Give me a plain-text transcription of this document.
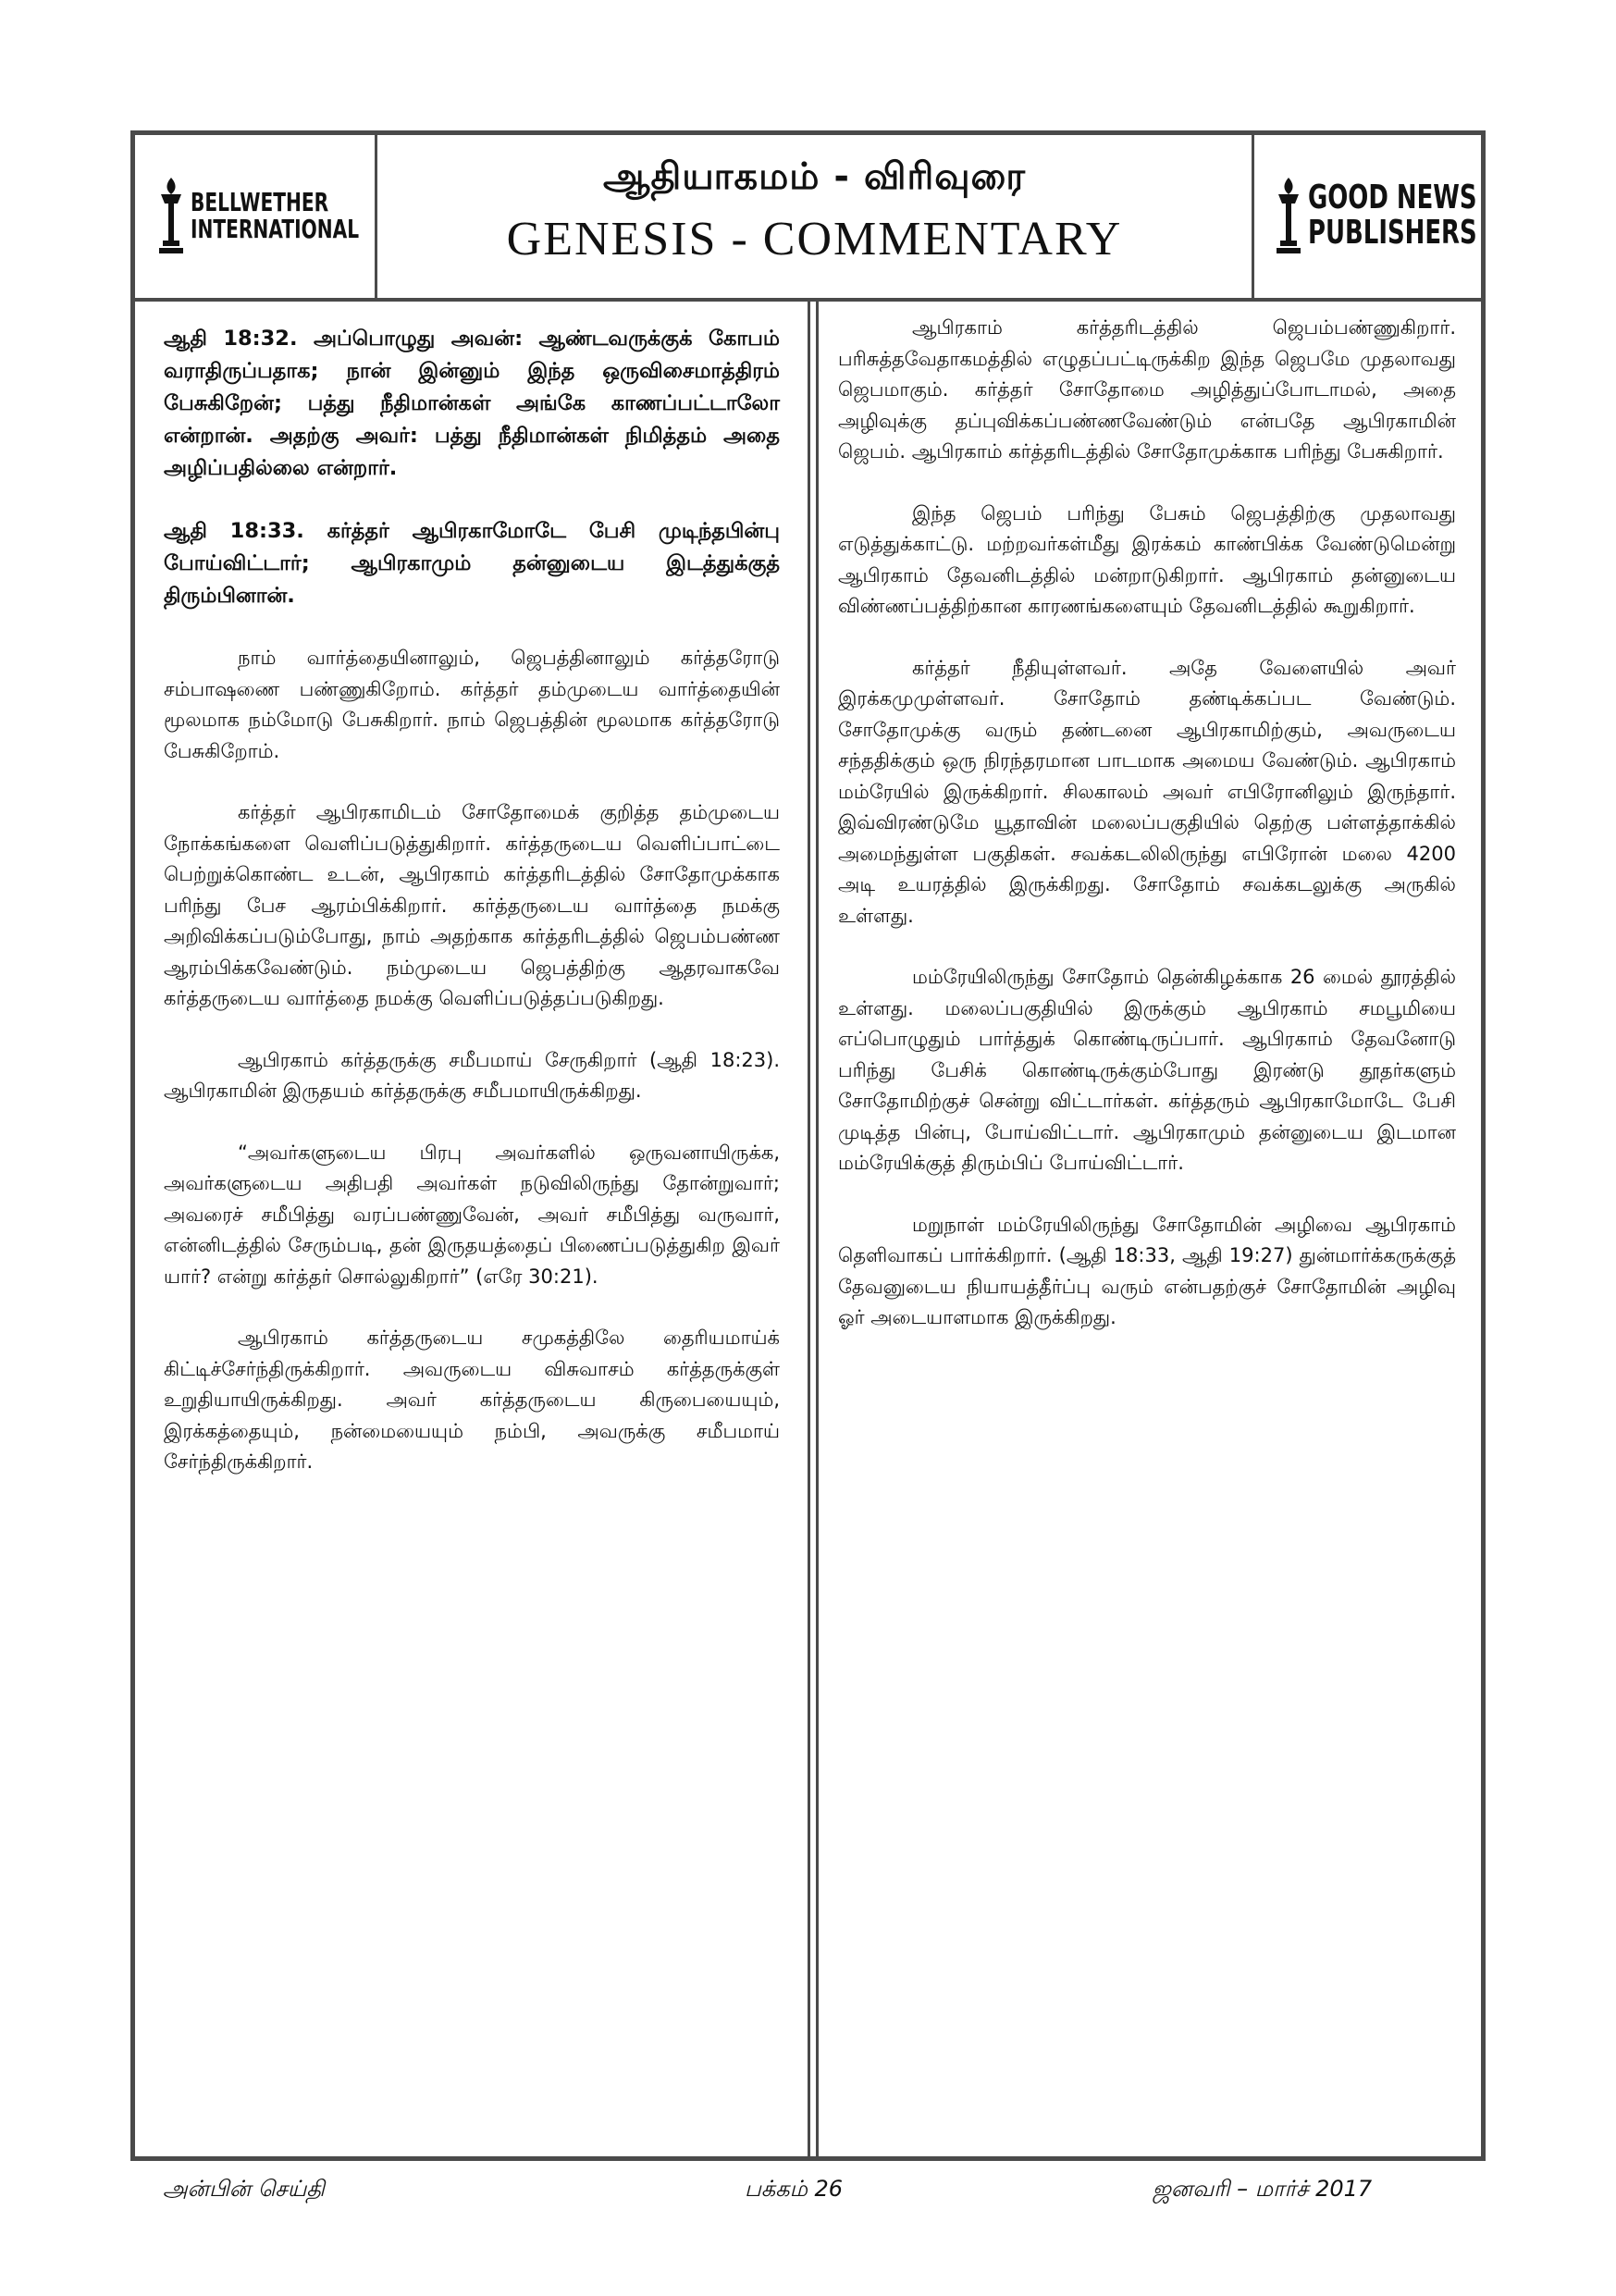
BELLWETHER
INTERNATIONAL
ஆதியாகமம் - விரிவுரை
GENESIS - COMMENTARY
GOOD NEWS
PUBLISHERS

ஆதி 18:32. அப்பொழுது அவன்: ஆண்டவருக்குக் கோபம் வராதிருப்பதாக; நான் இன்னும் இந்த ஒருவிசைமாத்திரம் பேசுகிறேன்; பத்து நீதிமான்கள் அங்கே காணப்பட்டாலோ என்றான். அதற்கு அவர்: பத்து நீதிமான்கள் நிமித்தம் அதை அழிப்பதில்லை என்றார்.

ஆதி 18:33. கர்த்தர் ஆபிரகாமோடே பேசி முடிந்தபின்பு போய்விட்டார்; ஆபிரகாமும் தன்னுடைய இடத்துக்குத் திரும்பினான்.

நாம் வார்த்தையினாலும், ஜெபத்தினாலும் கர்த்தரோடு சம்பாஷணை பண்ணுகிறோம். கர்த்தர் தம்முடைய வார்த்தையின் மூலமாக நம்மோடு பேசுகிறார். நாம் ஜெபத்தின் மூலமாக கர்த்தரோடு பேசுகிறோம்.

கர்த்தர் ஆபிரகாமிடம் சோதோமைக் குறித்த தம்முடைய நோக்கங்களை வெளிப்படுத்துகிறார். கர்த்தருடைய வெளிப்பாட்டை பெற்றுக்கொண்ட உடன், ஆபிரகாம் கர்த்தரிடத்தில் சோதோமுக்காக பரிந்து பேச ஆரம்பிக்கிறார். கர்த்தருடைய வார்த்தை நமக்கு அறிவிக்கப்படும்போது, நாம் அதற்காக கர்த்தரிடத்தில் ஜெபம்பண்ண ஆரம்பிக்கவேண்டும். நம்முடைய ஜெபத்திற்கு ஆதரவாகவே கர்த்தருடைய வார்த்தை நமக்கு வெளிப்படுத்தப்படுகிறது.

ஆபிரகாம் கர்த்தருக்கு சமீபமாய் சேருகிறார் (ஆதி 18:23). ஆபிரகாமின் இருதயம் கர்த்தருக்கு சமீபமாயிருக்கிறது.

“அவர்களுடைய பிரபு அவர்களில் ஒருவனாயிருக்க, அவர்களுடைய அதிபதி அவர்கள் நடுவிலிருந்து தோன்றுவார்; அவரைச் சமீபித்து வரப்பண்ணுவேன், அவர் சமீபித்து வருவார், என்னிடத்தில் சேரும்படி, தன் இருதயத்தைப் பிணைப்படுத்துகிற இவர் யார்? என்று கர்த்தர் சொல்லுகிறார்” (எரே 30:21).

ஆபிரகாம் கர்த்தருடைய சமுகத்திலே தைரியமாய்க் கிட்டிச்சேர்ந்திருக்கிறார். அவருடைய விசுவாசம் கர்த்தருக்குள் உறுதியாயிருக்கிறது. அவர் கர்த்தருடைய கிருபையையும், இரக்கத்தையும், நன்மையையும் நம்பி, அவருக்கு சமீபமாய் சேர்ந்திருக்கிறார்.

ஆபிரகாம் கர்த்தரிடத்தில் ஜெபம்பண்ணுகிறார். பரிசுத்தவேதாகமத்தில் எழுதப்பட்டிருக்கிற இந்த ஜெபமே முதலாவது ஜெபமாகும். கர்த்தர் சோதோமை அழித்துப்போடாமல், அதை அழிவுக்கு தப்புவிக்கப்பண்ணவேண்டும் என்பதே ஆபிரகாமின் ஜெபம். ஆபிரகாம் கர்த்தரிடத்தில் சோதோமுக்காக பரிந்து பேசுகிறார்.

இந்த ஜெபம் பரிந்து பேசும் ஜெபத்திற்கு முதலாவது எடுத்துக்காட்டு. மற்றவர்கள்மீது இரக்கம் காண்பிக்க வேண்டுமென்று ஆபிரகாம் தேவனிடத்தில் மன்றாடுகிறார். ஆபிரகாம் தன்னுடைய விண்ணப்பத்திற்கான காரணங்களையும் தேவனிடத்தில் கூறுகிறார்.

கர்த்தர் நீதியுள்ளவர். அதே வேளையில் அவர் இரக்கமுமுள்ளவர். சோதோம் தண்டிக்கப்பட வேண்டும். சோதோமுக்கு வரும் தண்டனை ஆபிரகாமிற்கும், அவருடைய சந்ததிக்கும் ஒரு நிரந்தரமான பாடமாக அமைய வேண்டும். ஆபிரகாம் மம்ரேயில் இருக்கிறார். சிலகாலம் அவர் எபிரோனிலும் இருந்தார். இவ்விரண்டுமே யூதாவின் மலைப்பகுதியில் தெற்கு பள்ளத்தாக்கில் அமைந்துள்ள பகுதிகள். சவக்கடலிலிருந்து எபிரோன் மலை 4200 அடி உயரத்தில் இருக்கிறது. சோதோம் சவக்கடலுக்கு அருகில் உள்ளது.

மம்ரேயிலிருந்து சோதோம் தென்கிழக்காக 26 மைல் தூரத்தில் உள்ளது. மலைப்பகுதியில் இருக்கும் ஆபிரகாம் சமபூமியை எப்பொழுதும் பார்த்துக் கொண்டிருப்பார். ஆபிரகாம் தேவனோடு பரிந்து பேசிக் கொண்டிருக்கும்போது இரண்டு தூதர்களும் சோதோமிற்குச் சென்று விட்டார்கள். கர்த்தரும் ஆபிரகாமோடே பேசி முடித்த பின்பு, போய்விட்டார். ஆபிரகாமும் தன்னுடைய இடமான மம்ரேயிக்குத் திரும்பிப் போய்விட்டார்.

மறுநாள் மம்ரேயிலிருந்து சோதோமின் அழிவை ஆபிரகாம் தெளிவாகப் பார்க்கிறார். (ஆதி 18:33, ஆதி 19:27) துன்மார்க்கருக்குத் தேவனுடைய நியாயத்தீர்ப்பு வரும் என்பதற்குச் சோதோமின் அழிவு ஓர் அடையாளமாக இருக்கிறது.

அன்பின் செய்தி	பக்கம் 26	ஜனவரி – மார்ச் 2017
